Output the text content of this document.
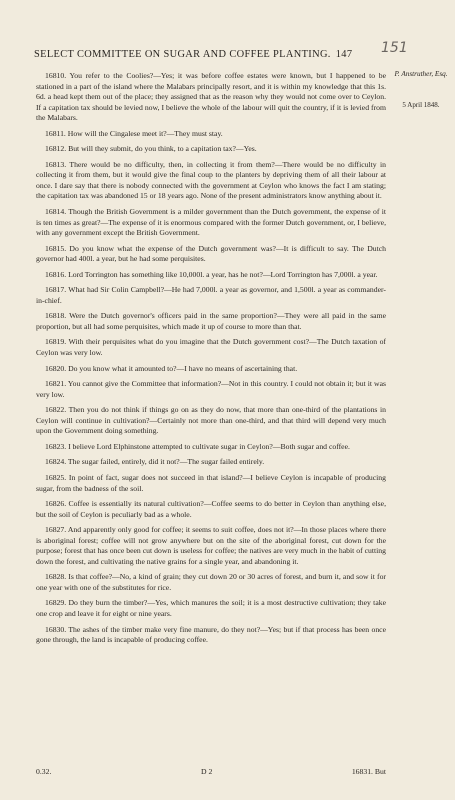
SELECT COMMITTEE ON SUGAR AND COFFEE PLANTING. 147	151
P. Anstruther, Esq.
5 April 1848.

16810. You refer to the Coolies?—Yes; it was before coffee estates were known, but I happened to be stationed in a part of the island where the Malabars principally resort, and it is within my knowledge that this 1s. 6d. a head kept them out of the place; they assigned that as the reason why they would not come over to Ceylon. If a capitation tax should be levied now, I believe the whole of the labour will quit the country, if it is levied from the Malabars.

16811. How will the Cingalese meet it?—They must stay.

16812. But will they submit, do you think, to a capitation tax?—Yes.

16813. There would be no difficulty, then, in collecting it from them?—There would be no difficulty in collecting it from them, but it would give the final coup to the planters by depriving them of all their labour at once. I dare say that there is nobody connected with the government at Ceylon who knows the fact I am stating; the capitation tax was abandoned 15 or 18 years ago. None of the present administrators know anything about it.

16814. Though the British Government is a milder government than the Dutch government, the expense of it is ten times as great?—The expense of it is enormous compared with the former Dutch government, or, I believe, with any government except the British Government.

16815. Do you know what the expense of the Dutch government was?—It is difficult to say. The Dutch governor had 400l. a year, but he had some perquisites.

16816. Lord Torrington has something like 10,000l. a year, has he not?—Lord Torrington has 7,000l. a year.

16817. What had Sir Colin Campbell?—He had 7,000l. a year as governor, and 1,500l. a year as commander-in-chief.

16818. Were the Dutch governor's officers paid in the same proportion?—They were all paid in the same proportion, but all had some perquisites, which made it up of course to more than that.

16819. With their perquisites what do you imagine that the Dutch government cost?—The Dutch taxation of Ceylon was very low.

16820. Do you know what it amounted to?—I have no means of ascertaining that.

16821. You cannot give the Committee that information?—Not in this country. I could not obtain it; but it was very low.

16822. Then you do not think if things go on as they do now, that more than one-third of the plantations in Ceylon will continue in cultivation?—Certainly not more than one-third, and that third will depend very much upon the Government doing something.

16823. I believe Lord Elphinstone attempted to cultivate sugar in Ceylon?—Both sugar and coffee.

16824. The sugar failed, entirely, did it not?—The sugar failed entirely.

16825. In point of fact, sugar does not succeed in that island?—I believe Ceylon is incapable of producing sugar, from the badness of the soil.

16826. Coffee is essentially its natural cultivation?—Coffee seems to do better in Ceylon than anything else, but the soil of Ceylon is peculiarly bad as a whole.

16827. And apparently only good for coffee; it seems to suit coffee, does not it?—In those places where there is aboriginal forest; coffee will not grow anywhere but on the site of the aboriginal forest, cut down for the purpose; forest that has once been cut down is useless for coffee; the natives are very much in the habit of cutting down the forest, and cultivating the native grains for a single year, and abandoning it.

16828. Is that coffee?—No, a kind of grain; they cut down 20 or 30 acres of forest, and burn it, and sow it for one year with one of the substitutes for rice.

16829. Do they burn the timber?—Yes, which manures the soil; it is a most destructive cultivation; they take one crop and leave it for eight or nine years.

16830. The ashes of the timber make very fine manure, do they not?—Yes; but if that process has been once gone through, the land is incapable of producing coffee.

0.32.	D 2	16831. But
